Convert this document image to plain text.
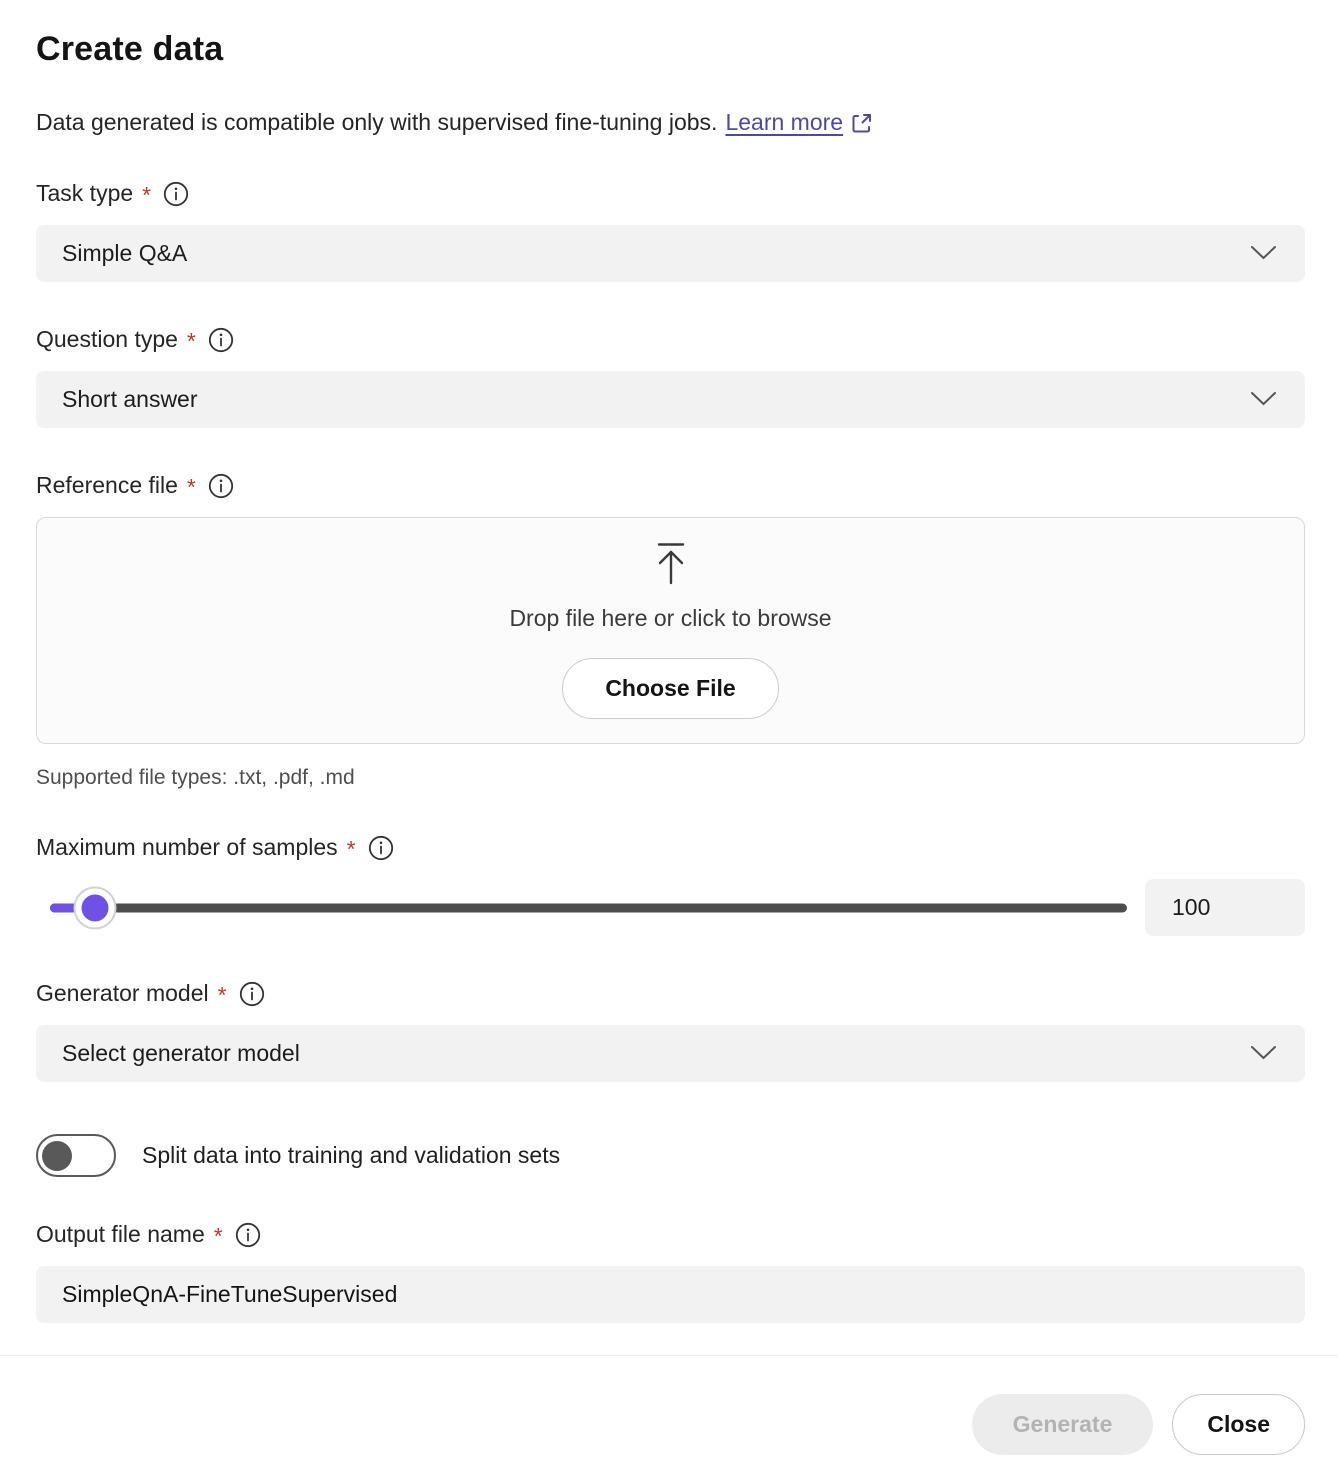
Create data
Data generated is compatible only with supervised fine-tuning jobs. Learn more
Task type *
Simple Q&A
Question type *
Short answer
Reference file *
Drop file here or click to browse
Choose File
Supported file types: .txt, .pdf, .md
Maximum number of samples *
100
Generator model *
Select generator model
Split data into training and validation sets
Output file name *
SimpleQnA-FineTuneSupervised
Generate	Close
